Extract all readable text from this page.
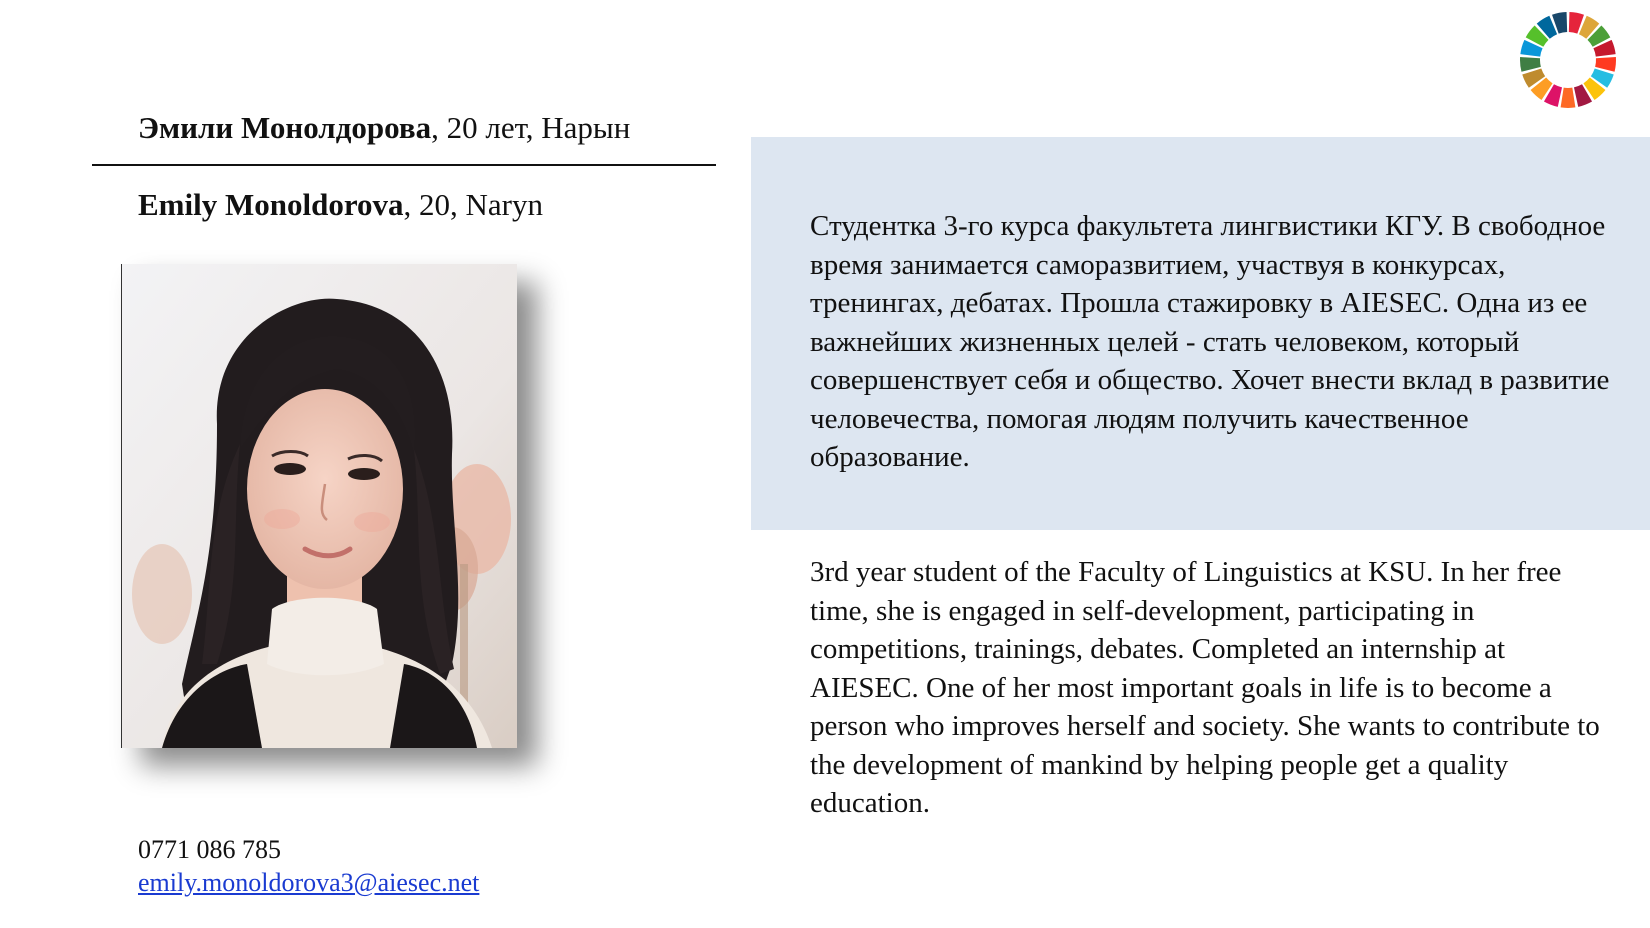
Эмили Монолдорова, 20 лет, Нарын
Emily Monoldorova, 20, Naryn
0771 086 785
emily.monoldorova3@aiesec.net
Студентка 3-го курса факультета лингвистики КГУ. В свободное время занимается саморазвитием, участвуя в конкурсах, тренингах, дебатах. Прошла стажировку в AIESEC. Одна из ее важнейших жизненных целей - стать человеком, который совершенствует себя и общество. Хочет внести вклад в развитие человечества, помогая людям получить качественное образование.
3rd year student of the Faculty of Linguistics at KSU. In her free time, she is engaged in self-development, participating in competitions, trainings, debates. Completed an internship at AIESEC. One of her most important goals in life is to become a person who improves herself and society. She wants to contribute to the development of mankind by helping people get a quality education.
